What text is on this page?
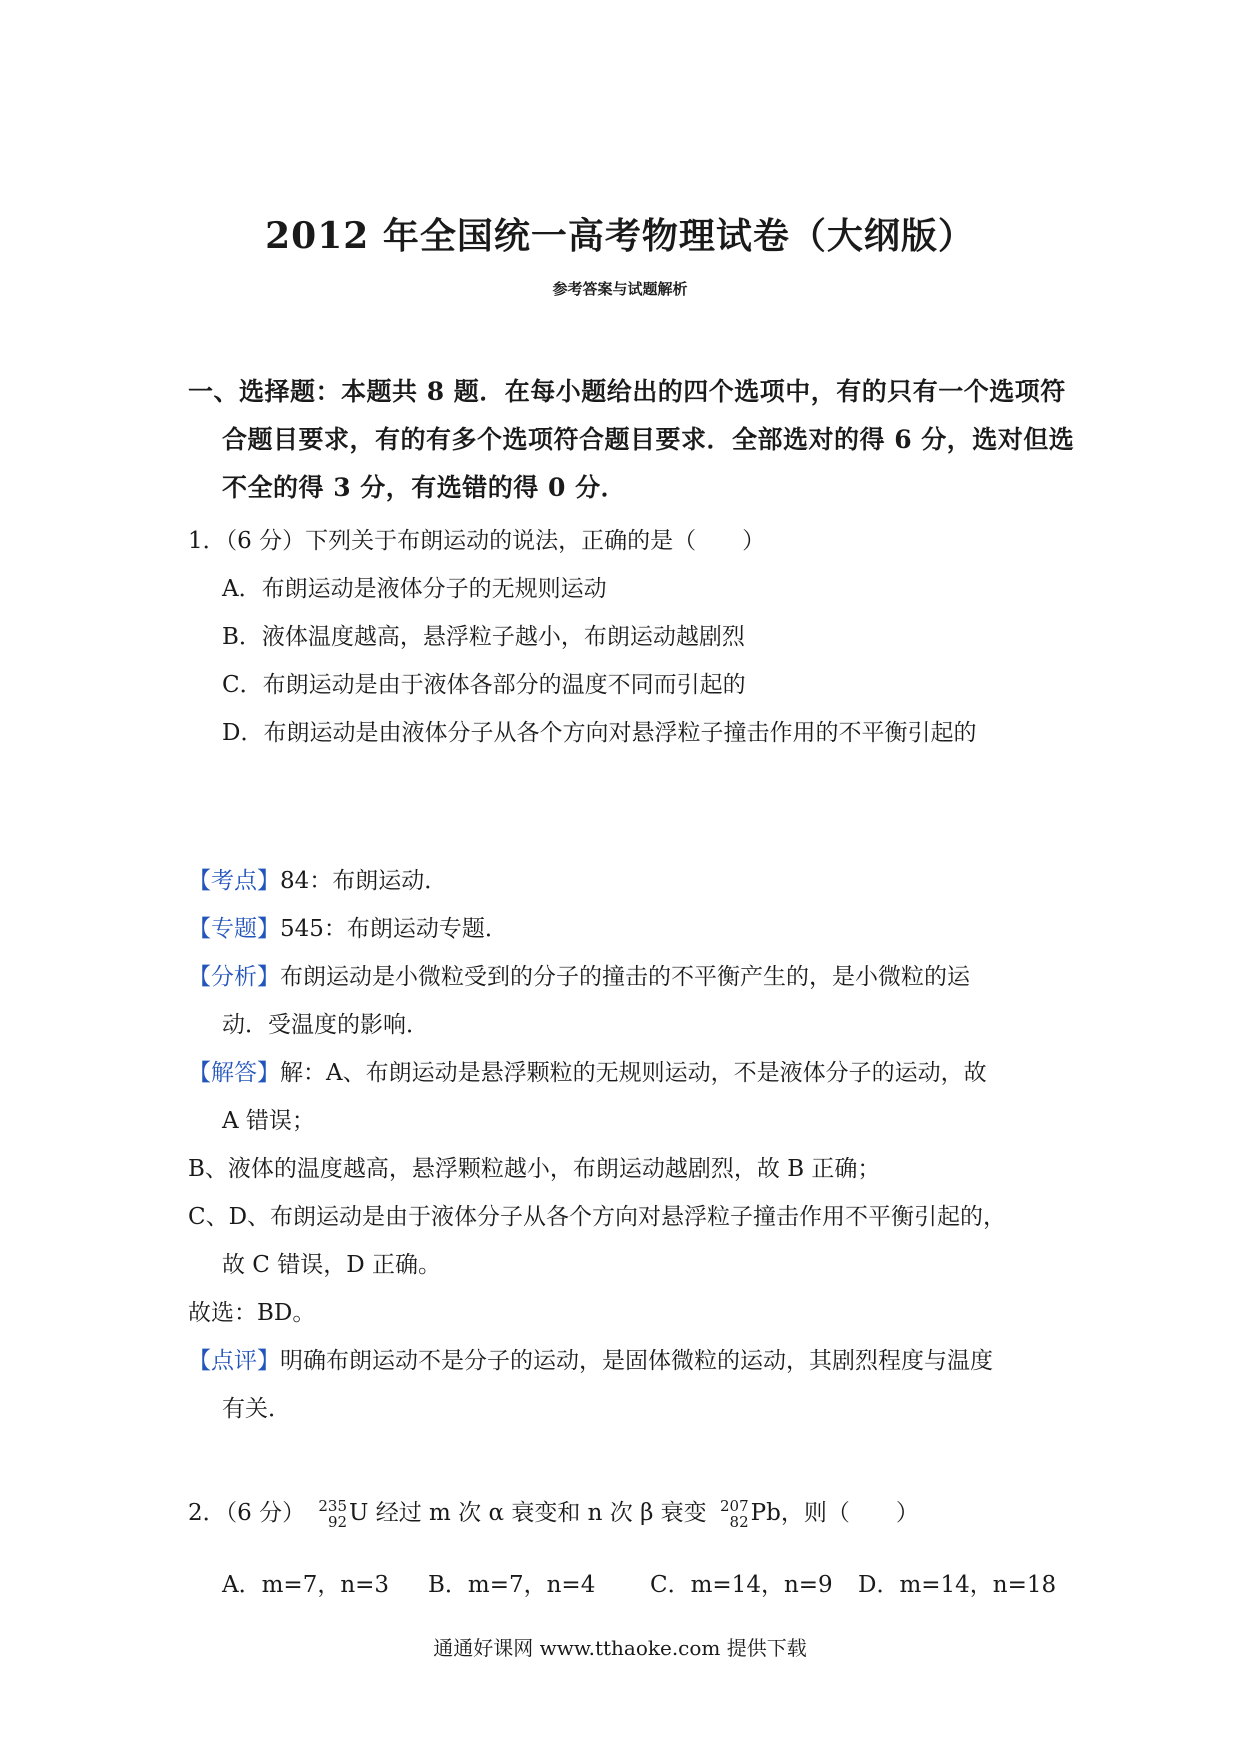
2012 年全国统一高考物理试卷（大纲版）
参考答案与试题解析
一、选择题：本题共 8 题．在每小题给出的四个选项中，有的只有一个选项符
合题目要求，有的有多个选项符合题目要求．全部选对的得 6 分，选对但选
不全的得 3 分，有选错的得 0 分．
1．（6 分）下列关于布朗运动的说法，正确的是（　　）
A．布朗运动是液体分子的无规则运动
B．液体温度越高，悬浮粒子越小，布朗运动越剧烈
C．布朗运动是由于液体各部分的温度不同而引起的
D．布朗运动是由液体分子从各个方向对悬浮粒子撞击作用的不平衡引起的
【考点】84：布朗运动．
【专题】545：布朗运动专题．
【分析】布朗运动是小微粒受到的分子的撞击的不平衡产生的，是小微粒的运
动．受温度的影响．
【解答】解：A、布朗运动是悬浮颗粒的无规则运动，不是液体分子的运动，故
A 错误；
B、液体的温度越高，悬浮颗粒越小，布朗运动越剧烈，故 B 正确；
C、D、布朗运动是由于液体分子从各个方向对悬浮粒子撞击作用不平衡引起的，
故 C 错误，D 正确。
故选：BD。
【点评】明确布朗运动不是分子的运动，是固体微粒的运动，其剧烈程度与温度
有关．
2．（6 分） 235
92 U 经过 m 次 α 衰变和 n 次 β 衰变 207
82 Pb，则（　　）
A．m=7，n=3 B．m=7，n=4 C．m=14，n=9 D．m=14，n=18
通通好课网 www.tthaoke.com 提供下载
